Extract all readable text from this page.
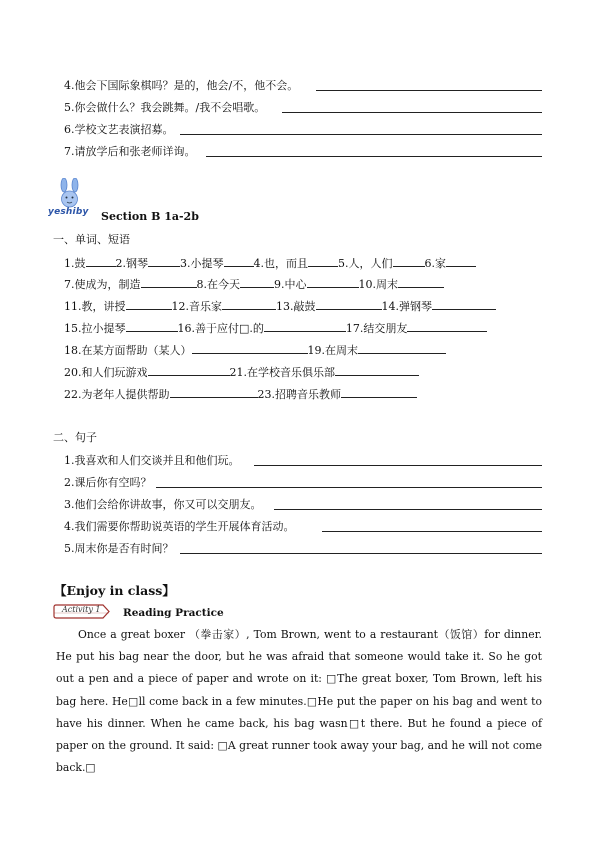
4.他会下国际象棋吗？是的，他会/不，他不会。
5.你会做什么？我会跳舞。/我不会唱歌。
6.学校文艺表演招募。
7.请放学后和张老师详询。
yeshiby Section B 1a-2b
一、单词、短语
1.鼓	2.钢琴	3.小提琴	4.也，而且	5.人，人们	6.家
7.使成为，制造	8.在今天	9.中心	10.周末
11.教，讲授	12.音乐家	13.敲鼓	14.弹钢琴
15.拉小提琴	16.善于应付□.的	17.结交朋友
18.在某方面帮助（某人）	19.在周末
20.和人们玩游戏	21.在学校音乐俱乐部
22.为老年人提供帮助	23.招聘音乐教师
二、句子
1.我喜欢和人们交谈并且和他们玩。
2.课后你有空吗？
3.他们会给你讲故事，你又可以交朋友。
4.我们需要你帮助说英语的学生开展体育活动。
5.周末你是否有时间？
【Enjoy in class】
Activity 1 Reading Practice
Once a great boxer （拳击家）, Tom Brown, went to a restaurant（饭馆）for dinner. He put his bag near the door, but he was afraid that someone would take it. So he got out a pen and a piece of paper and wrote on it: □The great boxer, Tom Brown, left his bag here. He□ll come back in a few minutes.□He put the paper on his bag and went to have his dinner. When he came back, his bag wasn□t there. But he found a piece of paper on the ground. It said: □A great runner took away your bag, and he will not come back.□
